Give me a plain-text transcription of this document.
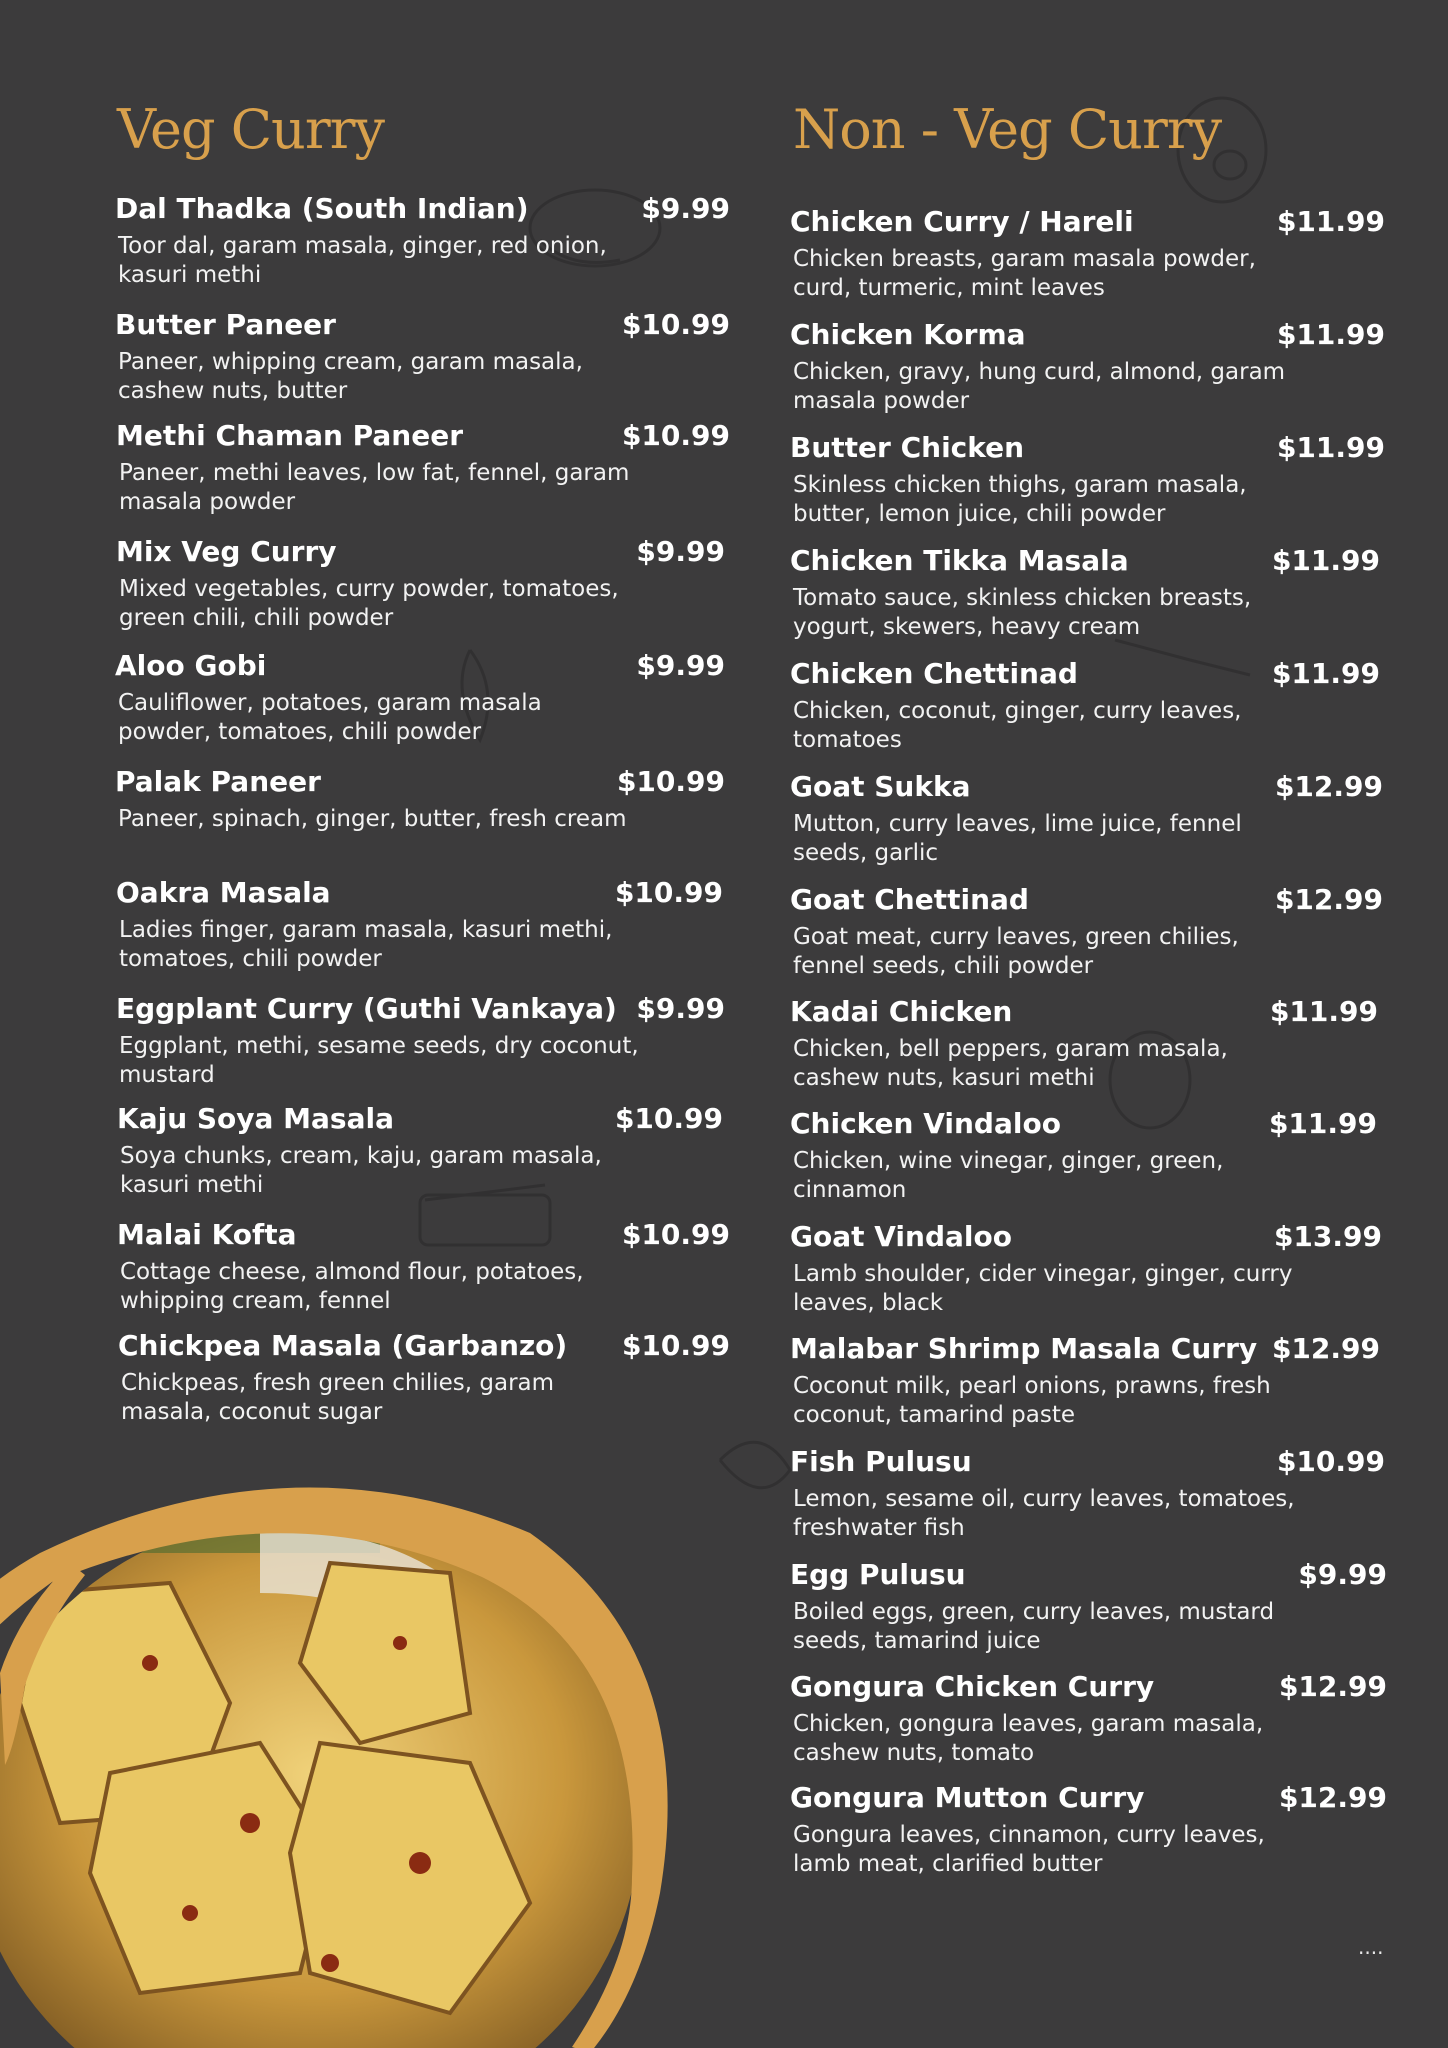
Veg Curry	Non - Veg Curry
Dal Thadka (South Indian)	$9.99
Toor dal, garam masala, ginger, red onion, kasuri methi
Butter Paneer	$10.99
Paneer, whipping cream, garam masala, cashew nuts, butter
Methi Chaman Paneer	$10.99
Paneer, methi leaves, low fat, fennel, garam masala powder
Mix Veg Curry	$9.99
Mixed vegetables, curry powder, tomatoes, green chili, chili powder
Aloo Gobi	$9.99
Cauliflower, potatoes, garam masala powder, tomatoes, chili powder
Palak Paneer	$10.99
Paneer, spinach, ginger, butter, fresh cream
Oakra Masala	$10.99
Ladies finger, garam masala, kasuri methi, tomatoes, chili powder
Eggplant Curry (Guthi Vankaya) $9.99
Eggplant, methi, sesame seeds, dry coconut, mustard
Kaju Soya Masala	$10.99
Soya chunks, cream, kaju, garam masala, kasuri methi
Malai Kofta	$10.99
Cottage cheese, almond flour, potatoes, whipping cream, fennel
Chickpea Masala (Garbanzo) $10.99
Chickpeas, fresh green chilies, garam masala, coconut sugar
Chicken Curry / Hareli	$11.99
Chicken breasts, garam masala powder, curd, turmeric, mint leaves
Chicken Korma	$11.99
Chicken, gravy, hung curd, almond, garam masala powder
Butter Chicken	$11.99
Skinless chicken thighs, garam masala, butter, lemon juice, chili powder
Chicken Tikka Masala	$11.99
Tomato sauce, skinless chicken breasts, yogurt, skewers, heavy cream
Chicken Chettinad	$11.99
Chicken, coconut, ginger, curry leaves, tomatoes
Goat Sukka	$12.99
Mutton, curry leaves, lime juice, fennel seeds, garlic
Goat Chettinad	$12.99
Goat meat, curry leaves, green chilies, fennel seeds, chili powder
Kadai Chicken	$11.99
Chicken, bell peppers, garam masala, cashew nuts, kasuri methi
Chicken Vindaloo	$11.99
Chicken, wine vinegar, ginger, green, cinnamon
Goat Vindaloo	$13.99
Lamb shoulder, cider vinegar, ginger, curry leaves, black
Malabar Shrimp Masala Curry $12.99
Coconut milk, pearl onions, prawns, fresh coconut, tamarind paste
Fish Pulusu	$10.99
Lemon, sesame oil, curry leaves, tomatoes, freshwater fish
Egg Pulusu	$9.99
Boiled eggs, green, curry leaves, mustard seeds, tamarind juice
Gongura Chicken Curry	$12.99
Chicken, gongura leaves, garam masala, cashew nuts, tomato
Gongura Mutton Curry	$12.99
Gongura leaves, cinnamon, curry leaves, lamb meat, clarified butter
....
